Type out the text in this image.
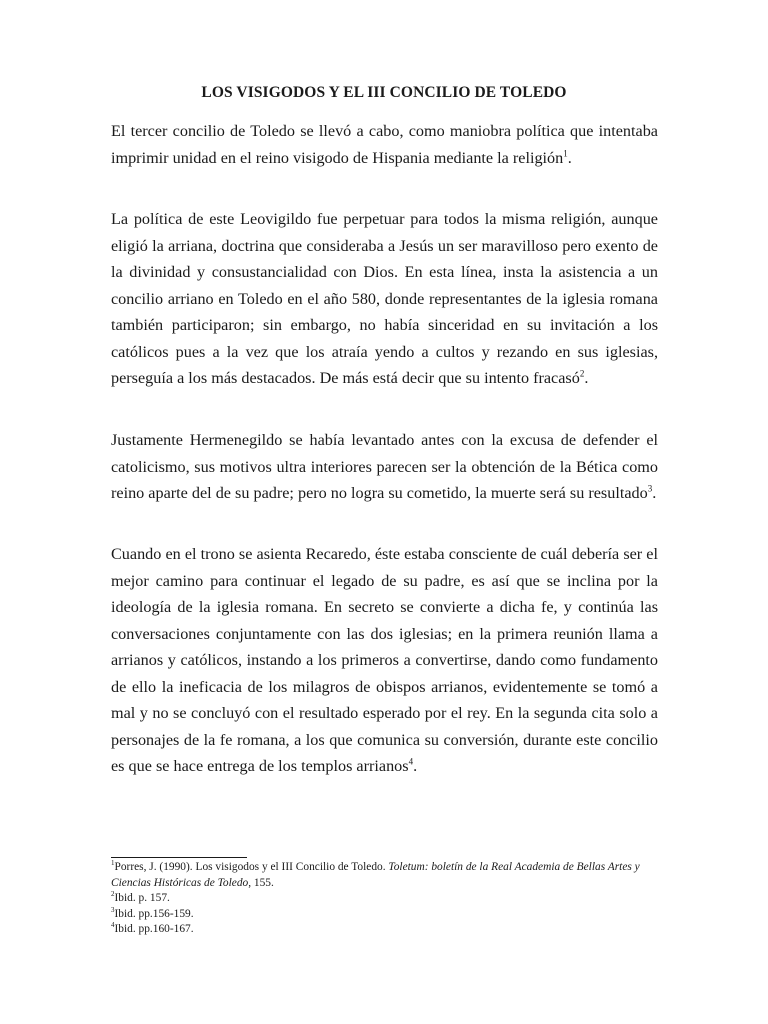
LOS VISIGODOS Y EL III CONCILIO DE TOLEDO

El tercer concilio de Toledo se llevó a cabo, como maniobra política que intentaba imprimir unidad en el reino visigodo de Hispania mediante la religión$^1$.

La política de este Leovigildo fue perpetuar para todos la misma religión, aunque eligió la arriana, doctrina que consideraba a Jesús un ser maravilloso pero exento de la divinidad y consustancialidad con Dios. En esta línea, insta la asistencia a un concilio arriano en Toledo en el año 580, donde representantes de la iglesia romana también participaron; sin embargo, no había sinceridad en su invitación a los católicos pues a la vez que los atraía yendo a cultos y rezando en sus iglesias, perseguía a los más destacados. De más está decir que su intento fracasó$^2$.

Justamente Hermenegildo se había levantado antes con la excusa de defender el catolicismo, sus motivos ultra interiores parecen ser la obtención de la Bética como reino aparte del de su padre; pero no logra su cometido, la muerte será su resultado$^3$.

Cuando en el trono se asienta Recaredo, éste estaba consciente de cuál debería ser el mejor camino para continuar el legado de su padre, es así que se inclina por la ideología de la iglesia romana. En secreto se convierte a dicha fe, y continúa las conversaciones conjuntamente con las dos iglesias; en la primera reunión llama a arrianos y católicos, instando a los primeros a convertirse, dando como fundamento de ello la ineficacia de los milagros de obispos arrianos, evidentemente se tomó a mal y no se concluyó con el resultado esperado por el rey. En la segunda cita solo a personajes de la fe romana, a los que comunica su conversión, durante este concilio es que se hace entrega de los templos arrianos$^4$.

$^1$Porres, J. (1990). Los visigodos y el III Concilio de Toledo. Toletum: boletín de la Real Academia de Bellas Artes y Ciencias Históricas de Toledo, 155.

$^2$Ibid. p. 157.

$^3$Ibid. pp.156-159.

$^4$Ibid. pp.160-167.
